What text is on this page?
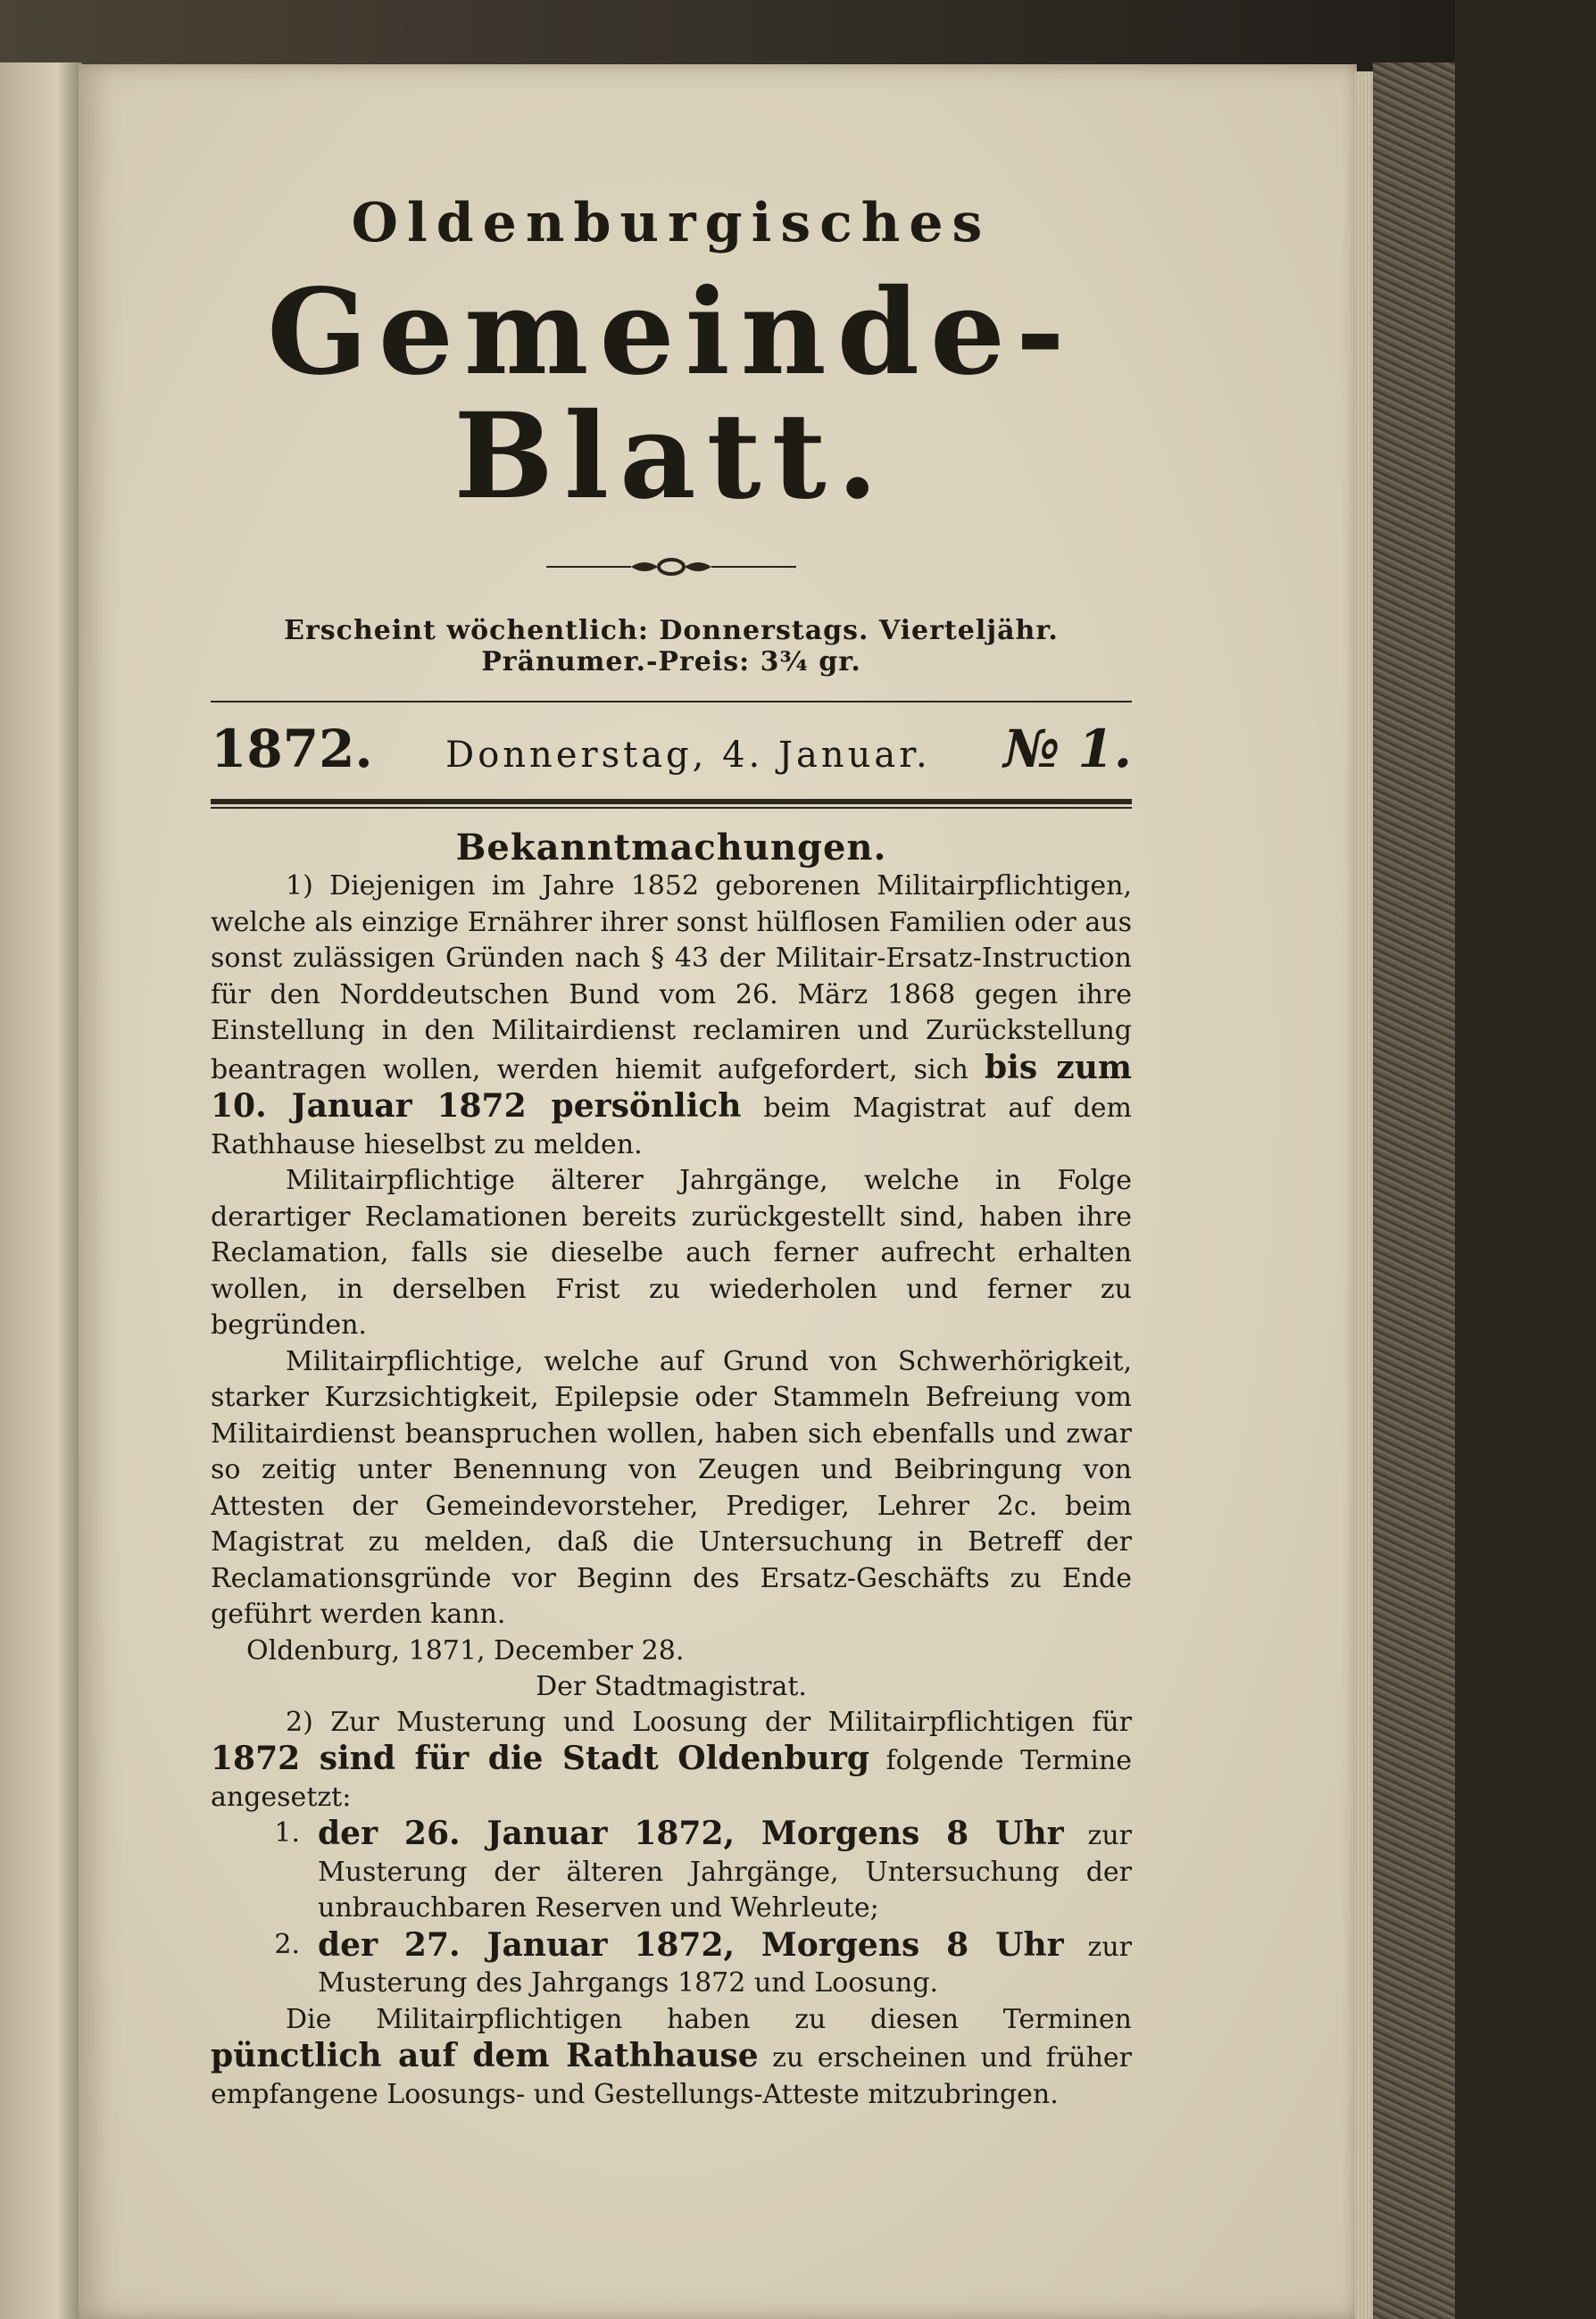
Oldenburgisches
Gemeinde-Blatt.
Erscheint wöchentlich: Donnerstags. Vierteljähr. Pränumer.-Preis: 3¾ gr.
1872. Donnerstag, 4. Januar. № 1.
Bekanntmachungen.

1) Diejenigen im Jahre 1852 geborenen Militairpflichtigen, welche als einzige Ernährer ihrer sonst hülflosen Familien oder aus sonst zulässigen Gründen nach § 43 der Militair-Ersatz-Instruction für den Norddeutschen Bund vom 26. März 1868 gegen ihre Einstellung in den Militairdienst reclamiren und Zurückstellung beantragen wollen, werden hiemit aufgefordert, sich bis zum 10. Januar 1872 persönlich beim Magistrat auf dem Rathhause hieselbst zu melden.

Militairpflichtige älterer Jahrgänge, welche in Folge derartiger Reclamationen bereits zurückgestellt sind, haben ihre Reclamation, falls sie dieselbe auch ferner aufrecht erhalten wollen, in derselben Frist zu wiederholen und ferner zu begründen.

Militairpflichtige, welche auf Grund von Schwerhörigkeit, starker Kurzsichtigkeit, Epilepsie oder Stammeln Befreiung vom Militairdienst beanspruchen wollen, haben sich ebenfalls und zwar so zeitig unter Benennung von Zeugen und Beibringung von Attesten der Gemeindevorsteher, Prediger, Lehrer 2c. beim Magistrat zu melden, daß die Untersuchung in Betreff der Reclamationsgründe vor Beginn des Ersatz-Geschäfts zu Ende geführt werden kann.

Oldenburg, 1871, December 28.

Der Stadtmagistrat.

2) Zur Musterung und Loosung der Militairpflichtigen für 1872 sind für die Stadt Oldenburg folgende Termine angesetzt:

1. der 26. Januar 1872, Morgens 8 Uhr zur Musterung der älteren Jahrgänge, Untersuchung der unbrauchbaren Reserven und Wehrleute;
2. der 27. Januar 1872, Morgens 8 Uhr zur Musterung des Jahrgangs 1872 und Loosung.

Die Militairpflichtigen haben zu diesen Terminen pünctlich auf dem Rathhause zu erscheinen und früher empfangene Loosungs- und Gestellungs-Atteste mitzubringen.
